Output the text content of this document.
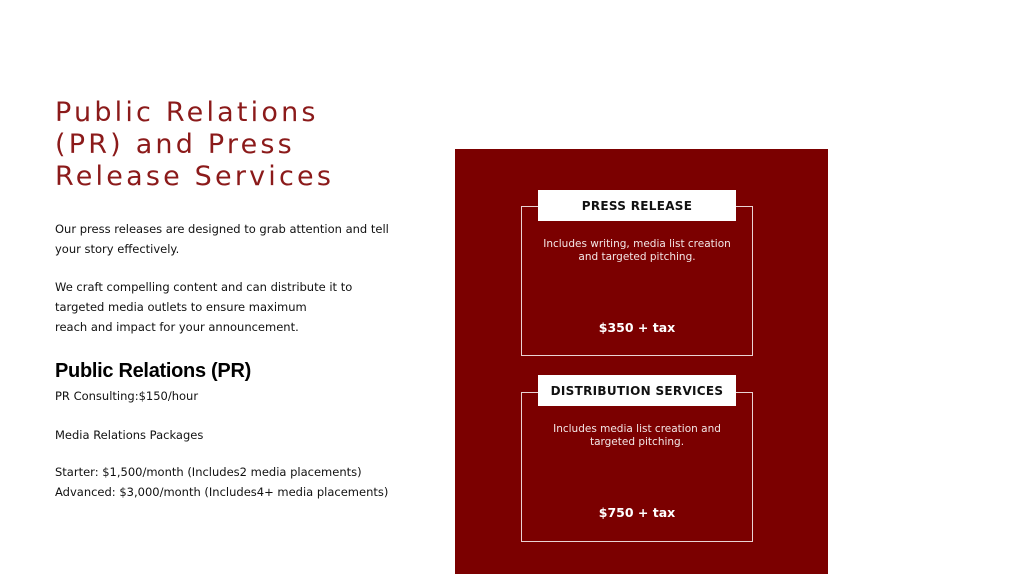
Public Relations
(PR) and Press
Release Services
Our press releases are designed to grab attention and tell
your story effectively.
We craft compelling content and can distribute it to
targeted media outlets to ensure maximum
reach and impact for your announcement.
Public Relations (PR)
PR Consulting:$150/hour
Media Relations Packages
Starter: $1,500/month (Includes2 media placements)
Advanced: $3,000/month (Includes4+ media placements)
PRESS RELEASE
Includes writing, media list creation
and targeted pitching.
$350 + tax
DISTRIBUTION SERVICES
Includes media list creation and
targeted pitching.
$750 + tax
